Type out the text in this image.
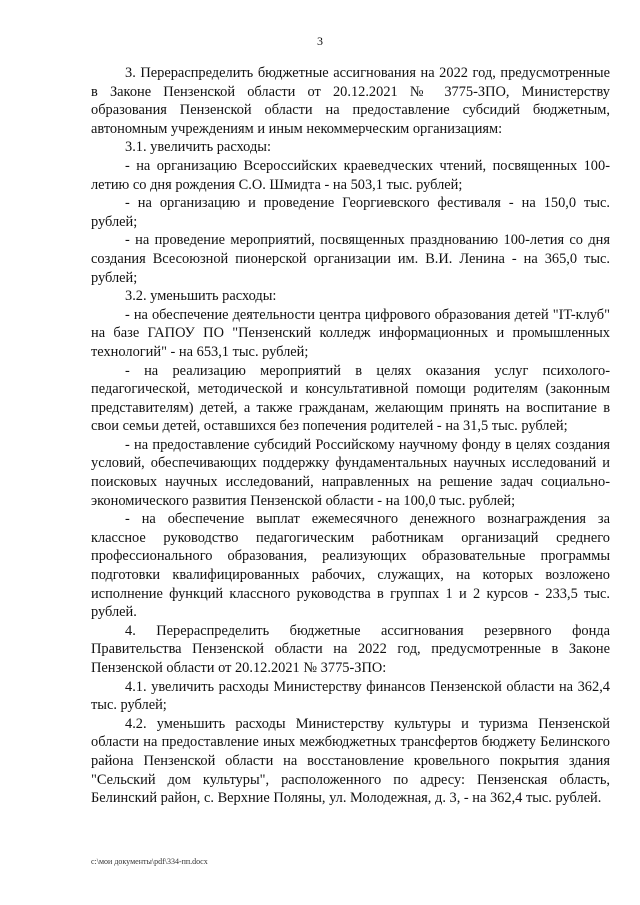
3

3. Перераспределить бюджетные ассигнования на 2022 год, предусмотренные в Законе Пензенской области от 20.12.2021 № 3775-ЗПО, Министерству образования Пензенской области на предоставление субсидий бюджетным, автономным учреждениям и иным некоммерческим организациям:

3.1. увеличить расходы:

- на организацию Всероссийских краеведческих чтений, посвященных 100-летию со дня рождения С.О. Шмидта - на 503,1 тыс. рублей;

- на организацию и проведение Георгиевского фестиваля - на 150,0 тыс. рублей;

- на проведение мероприятий, посвященных празднованию 100-летия со дня создания Всесоюзной пионерской организации им. В.И. Ленина - на 365,0 тыс. рублей;

3.2. уменьшить расходы:

- на обеспечение деятельности центра цифрового образования детей "IT-клуб" на базе ГАПОУ ПО "Пензенский колледж информационных и промышленных технологий" - на 653,1 тыс. рублей;

- на реализацию мероприятий в целях оказания услуг психолого-педагогической, методической и консультативной помощи родителям (законным представителям) детей, а также гражданам, желающим принять на воспитание в свои семьи детей, оставшихся без попечения родителей - на 31,5 тыс. рублей;

- на предоставление субсидий Российскому научному фонду в целях создания условий, обеспечивающих поддержку фундаментальных научных исследований и поисковых научных исследований, направленных на решение задач социально-экономического развития Пензенской области - на 100,0 тыс. рублей;

- на обеспечение выплат ежемесячного денежного вознаграждения за классное руководство педагогическим работникам организаций среднего профессионального образования, реализующих образовательные программы подготовки квалифицированных рабочих, служащих, на которых возложено исполнение функций классного руководства в группах 1 и 2 курсов - 233,5 тыс. рублей.

4. Перераспределить бюджетные ассигнования резервного фонда Правительства Пензенской области на 2022 год, предусмотренные в Законе Пензенской области от 20.12.2021 № 3775-ЗПО:

4.1. увеличить расходы Министерству финансов Пензенской области на 362,4 тыс. рублей;

4.2. уменьшить расходы Министерству культуры и туризма Пензенской области на предоставление иных межбюджетных трансфертов бюджету Белинского района Пензенской области на восстановление кровельного покрытия здания "Сельский дом культуры", расположенного по адресу: Пензенская область, Белинский район, с. Верхние Поляны, ул. Молодежная, д. 3, - на 362,4 тыс. рублей.

c:\мои документы\pdf\334-пп.docx
